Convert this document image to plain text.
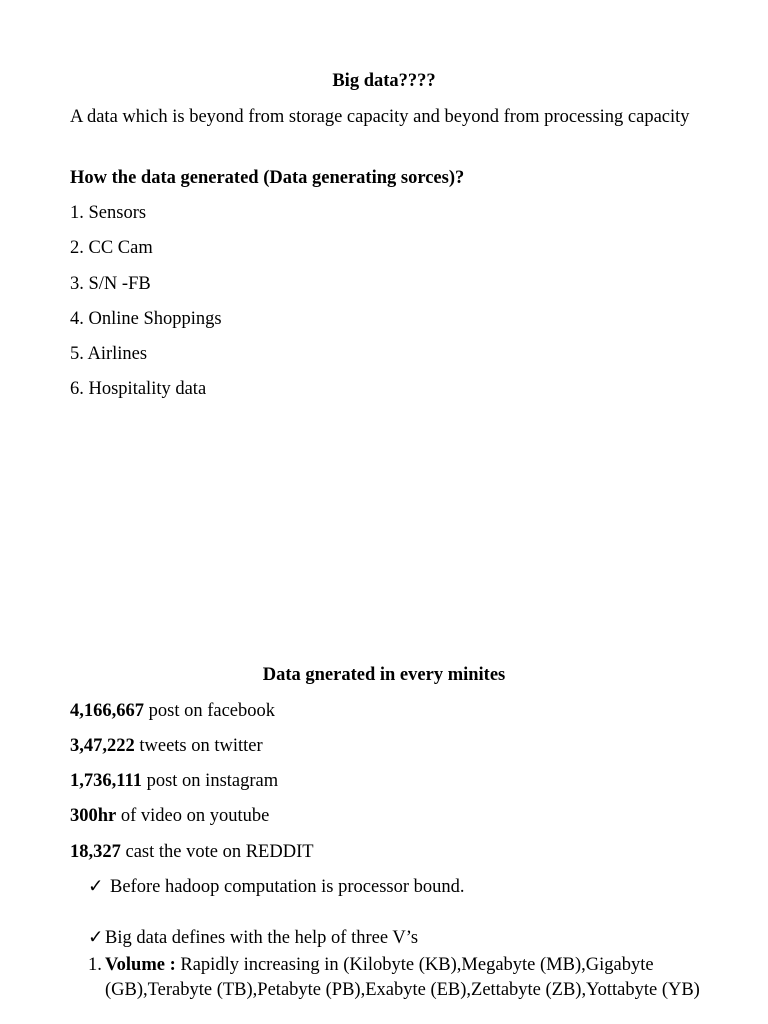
Big data????
A data which is beyond from storage capacity and beyond from processing capacity
How the data generated (Data generating sorces)?
1. Sensors
2. CC Cam
3. S/N -FB
4. Online Shoppings
5. Airlines
6. Hospitality data
Data gnerated in every minites
4,166,667 post on facebook
3,47,222 tweets on twitter
1,736,111 post on instagram
300hr of video on youtube
18,327 cast the vote on REDDIT
✓ Before hadoop computation is processor bound.
✓Big data defines with the help of three V’s
1. Volume : Rapidly increasing in (Kilobyte (KB),Megabyte (MB),Gigabyte (GB),Terabyte (TB),Petabyte (PB),Exabyte (EB),Zettabyte (ZB),Yottabyte (YB)
